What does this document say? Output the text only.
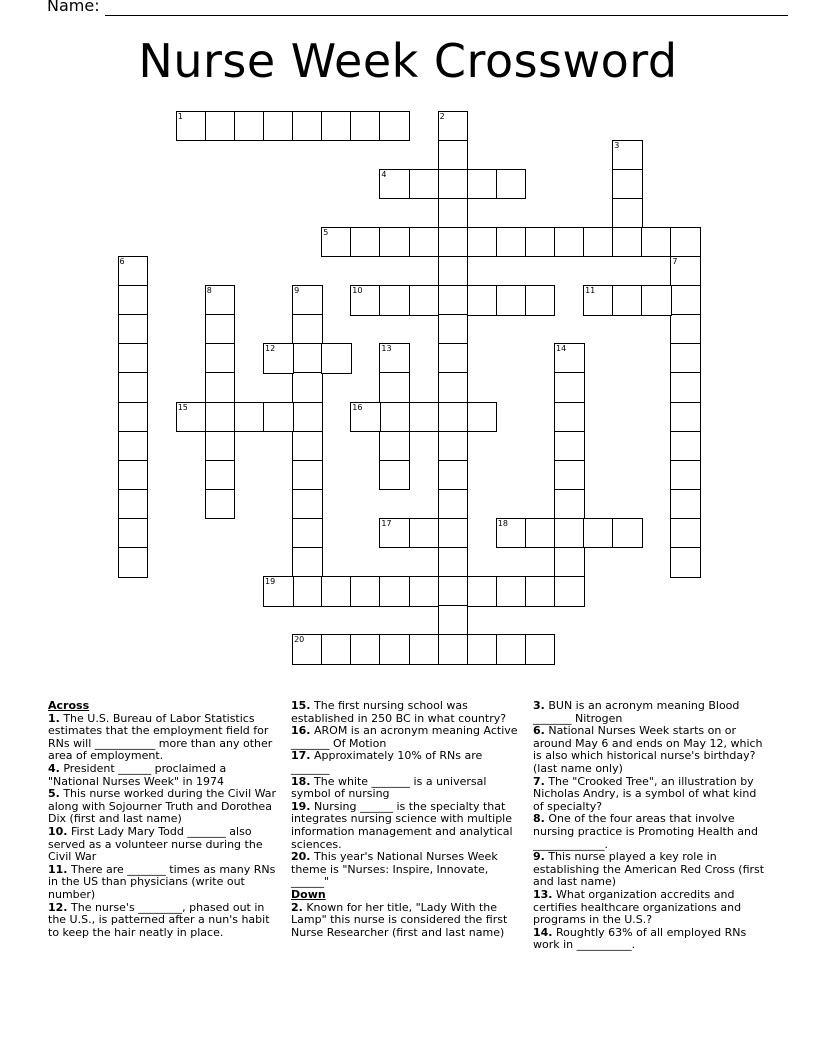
Name:
Nurse Week Crossword
1	2
3
4
5
6	7
8	9	10	11
12	13	14
15	16
17	18
19
20
Across
1. The U.S. Bureau of Labor Statistics estimates that the employment field for RNs will ___________ more than any other area of employment.
4. President ______ proclaimed a "National Nurses Week" in 1974
5. This nurse worked during the Civil War along with Sojourner Truth and Dorothea Dix (first and last name)
10. First Lady Mary Todd _______ also served as a volunteer nurse during the Civil War
11. There are _______ times as many RNs in the US than physicians (write out number)
12. The nurse's ________, phased out in the U.S., is patterned after a nun's habit to keep the hair neatly in place.
15. The first nursing school was established in 250 BC in what country?
16. AROM is an acronym meaning Active _______ Of Motion
17. Approximately 10% of RNs are _______
18. The white _______ is a universal symbol of nursing
19. Nursing ______ is the specialty that integrates nursing science with multiple information management and analytical sciences.
20. This year's National Nurses Week theme is "Nurses: Inspire, Innovate, ______"
Down
2. Known for her title, "Lady With the Lamp" this nurse is considered the first Nurse Researcher (first and last name)
3. BUN is an acronym meaning Blood _______ Nitrogen
6. National Nurses Week starts on or around May 6 and ends on May 12, which is also which historical nurse's birthday? (last name only)
7. The "Crooked Tree", an illustration by Nicholas Andry, is a symbol of what kind of specialty?
8. One of the four areas that involve nursing practice is Promoting Health and _____________.
9. This nurse played a key role in establishing the American Red Cross (first and last name)
13. What organization accredits and certifies healthcare organizations and programs in the U.S.?
14. Roughtly 63% of all employed RNs work in __________.
